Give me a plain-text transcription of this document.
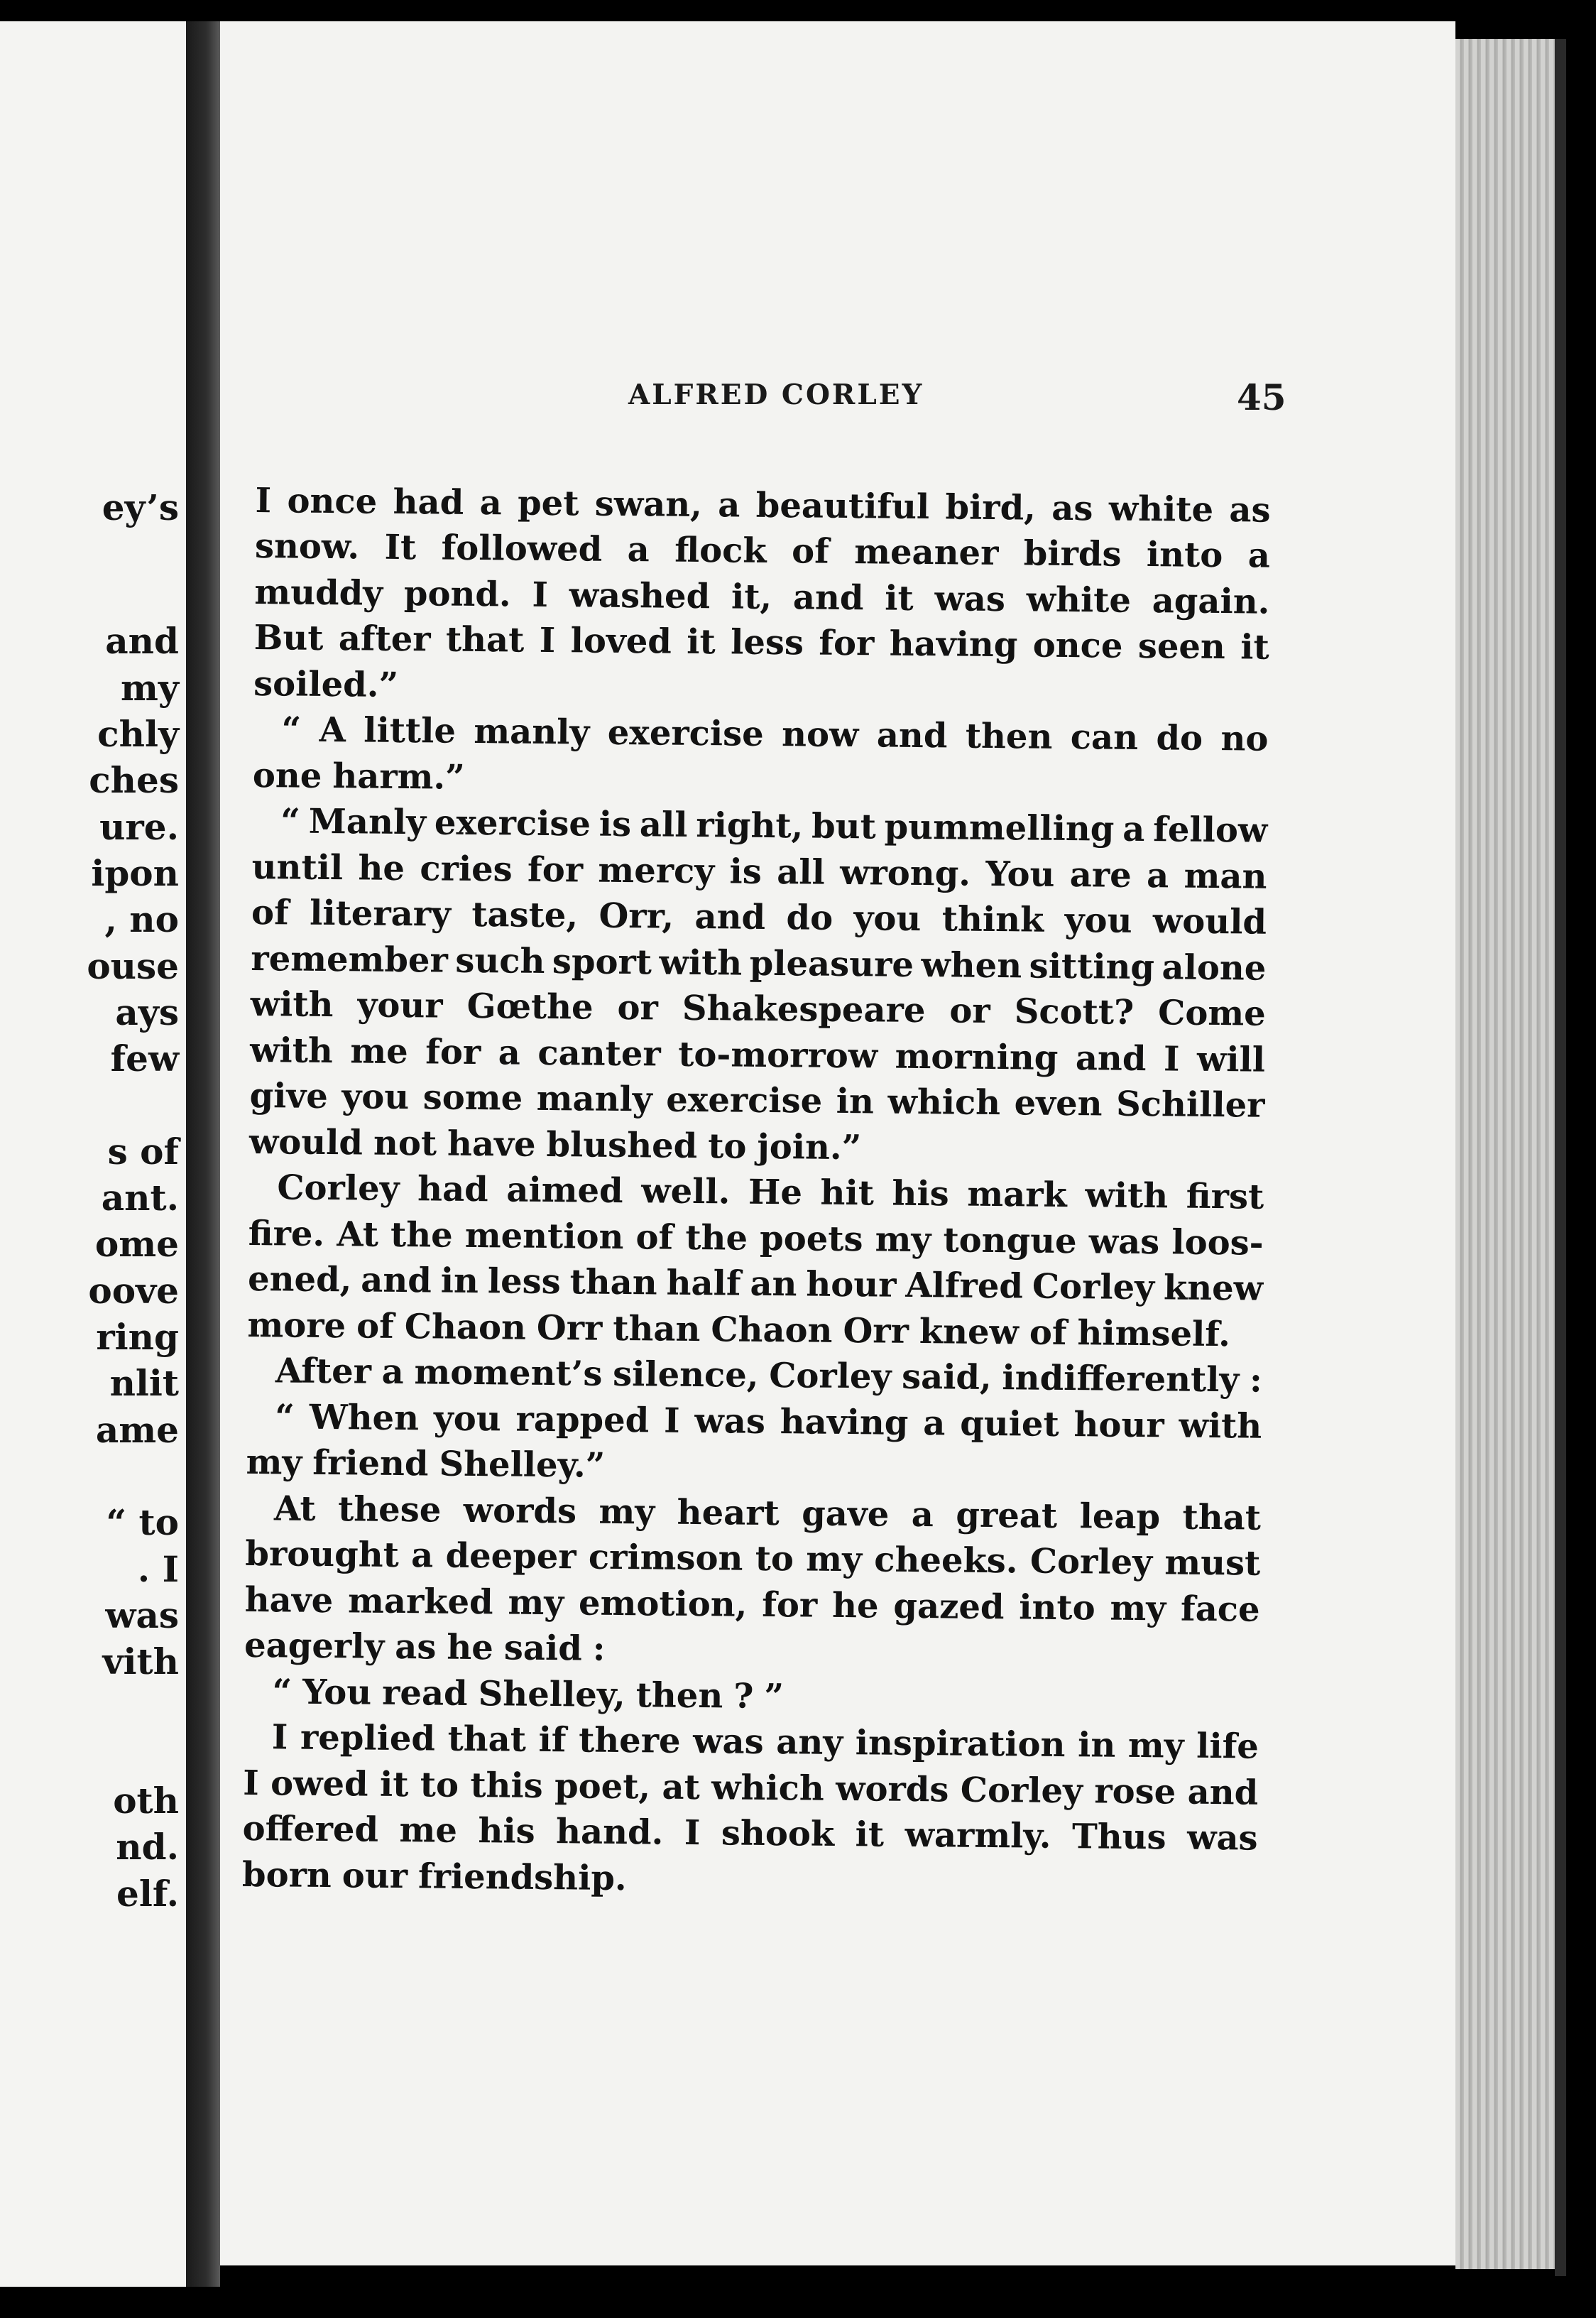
ey’s
and
my
chly
ches
ure.
ipon
, no
ouse
ays
few
s of
ant.
ome
oove
ring
nlit
ame
“ to
. I
was
vith
oth
nd.
elf.
ALFRED CORLEY	45
I once had a pet swan, a beautiful bird, as white as
snow. It followed a flock of meaner birds into a
muddy pond. I washed it, and it was white again.
But after that I loved it less for having once seen it
soiled.”
“ A little manly exercise now and then can do no
one harm.”
“ Manly exercise is all right, but pummelling a fellow
until he cries for mercy is all wrong. You are a man
of literary taste, Orr, and do you think you would
remember such sport with pleasure when sitting alone
with your Gœthe or Shakespeare or Scott? Come
with me for a canter to-morrow morning and I will
give you some manly exercise in which even Schiller
would not have blushed to join.”
Corley had aimed well. He hit his mark with first
fire. At the mention of the poets my tongue was loos-
ened, and in less than half an hour Alfred Corley knew
more of Chaon Orr than Chaon Orr knew of himself.
After a moment’s silence, Corley said, indifferently :
“ When you rapped I was having a quiet hour with
my friend Shelley.”
At these words my heart gave a great leap that
brought a deeper crimson to my cheeks. Corley must
have marked my emotion, for he gazed into my face
eagerly as he said :
“ You read Shelley, then ? ”
I replied that if there was any inspiration in my life
I owed it to this poet, at which words Corley rose and
offered me his hand. I shook it warmly. Thus was
born our friendship.
